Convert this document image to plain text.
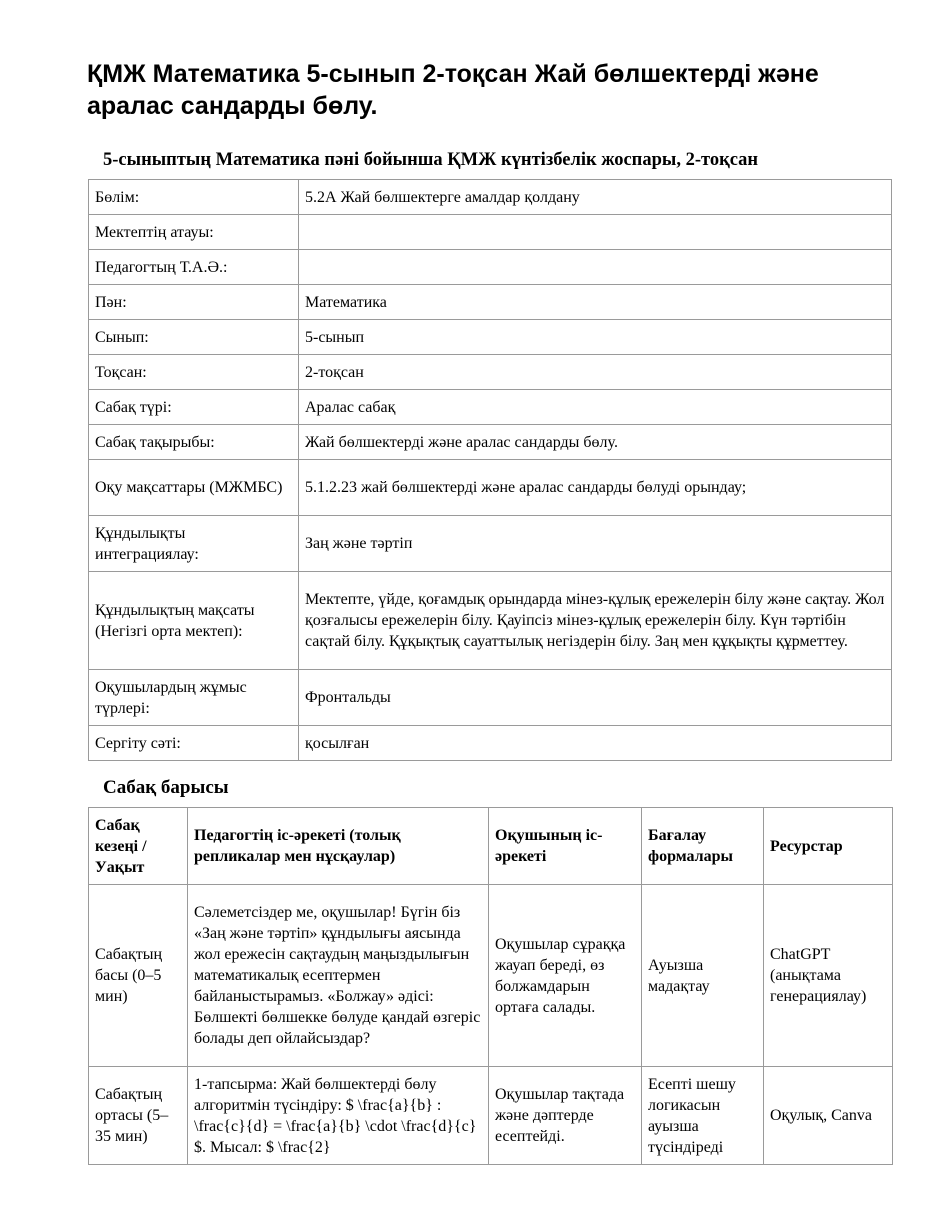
ҚМЖ Математика 5-сынып 2-тоқсан Жай бөлшектерді және аралас сандарды бөлу.
5-сыныптың Математика пәні бойынша ҚМЖ күнтізбелік жоспары, 2-тоқсан
Бөлім:	5.2А Жай бөлшектерге амалдар қолдану
Мектептің атауы:	
Педагогтың Т.А.Ә.:	
Пән:	Математика
Сынып:	5-сынып
Тоқсан:	2-тоқсан
Сабақ түрі:	Аралас сабақ
Сабақ тақырыбы:	Жай бөлшектерді және аралас сандарды бөлу.
Оқу мақсаттары (МЖМБС)	5.1.2.23 жай бөлшектерді және аралас сандарды бөлуді орындау;
Құндылықты интеграциялау:	Заң және тәртіп
Құндылықтың мақсаты (Негізгі орта мектеп):	Мектепте, үйде, қоғамдық орындарда мінез-құлық ережелерін білу және сақтау. Жол қозғалысы ережелерін білу. Қауіпсіз мінез-құлық ережелерін білу. Күн тәртібін сақтай білу. Құқықтық сауаттылық негіздерін білу. Заң мен құқықты құрметтеу.
Оқушылардың жұмыс түрлері:	Фронтальды
Сергіту сәті:	қосылған
Сабақ барысы
Сабақ кезеңі / Уақыт	Педагогтің іс-әрекеті (толық репликалар мен нұсқаулар)	Оқушының іс-әрекеті	Бағалау формалары	Ресурстар
Сабақтың басы (0–5 мин)	Сәлеметсіздер ме, оқушылар! Бүгін біз «Заң және тәртіп» құндылығы аясында жол ережесін сақтаудың маңыздылығын математикалық есептермен байланыстырамыз. «Болжау» әдісі: Бөлшекті бөлшекке бөлуде қандай өзгеріс болады деп ойлайсыздар?	Оқушылар сұраққа жауап береді, өз болжамдарын ортаға салады.	Ауызша мадақтау	ChatGPT (анықтама генерациялау)
Сабақтың ортасы (5–35 мин)	1-тапсырма: Жай бөлшектерді бөлу алгоритмін түсіндіру: $ \frac{a}{b} : \frac{c}{d} = \frac{a}{b} \cdot \frac{d}{c} $. Мысал: $ \frac{2}	Оқушылар тақтада және дәптерде есептейді.	Есепті шешу логикасын ауызша түсіндіреді	Оқулық, Canva
